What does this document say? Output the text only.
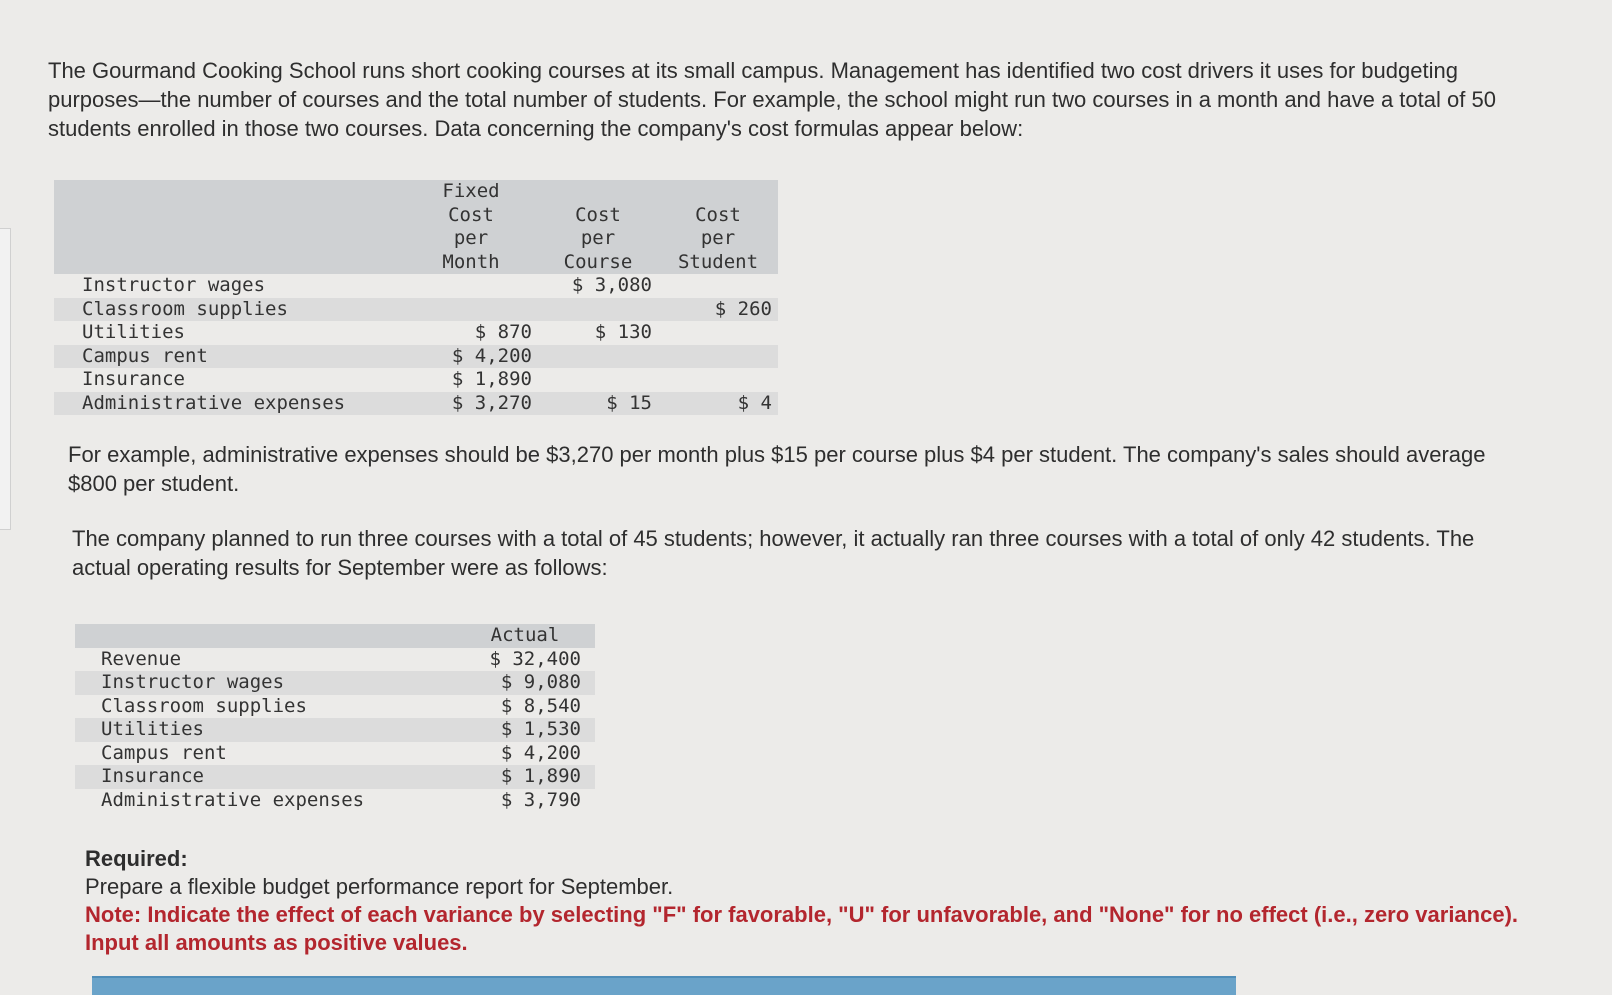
The Gourmand Cooking School runs short cooking courses at its small campus. Management has identified two cost drivers it uses for budgeting purposes—the number of courses and the total number of students. For example, the school might run two courses in a month and have a total of 50 students enrolled in those two courses. Data concerning the company's cost formulas appear below:
	Fixed
Cost
per
Month	Cost
per
Course	Cost
per
Student
Instructor wages		$ 3,080	
Classroom supplies			$ 260
Utilities	$ 870	$ 130	
Campus rent	$ 4,200		
Insurance	$ 1,890		
Administrative expenses	$ 3,270	$ 15	$ 4
For example, administrative expenses should be $3,270 per month plus $15 per course plus $4 per student. The company's sales should average $800 per student.
The company planned to run three courses with a total of 45 students; however, it actually ran three courses with a total of only 42 students. The actual operating results for September were as follows:
	Actual
Revenue	$ 32,400
Instructor wages	$ 9,080
Classroom supplies	$ 8,540
Utilities	$ 1,530
Campus rent	$ 4,200
Insurance	$ 1,890
Administrative expenses	$ 3,790
Required:
Prepare a flexible budget performance report for September.
Note: Indicate the effect of each variance by selecting "F" for favorable, "U" for unfavorable, and "None" for no effect (i.e., zero variance). Input all amounts as positive values.
